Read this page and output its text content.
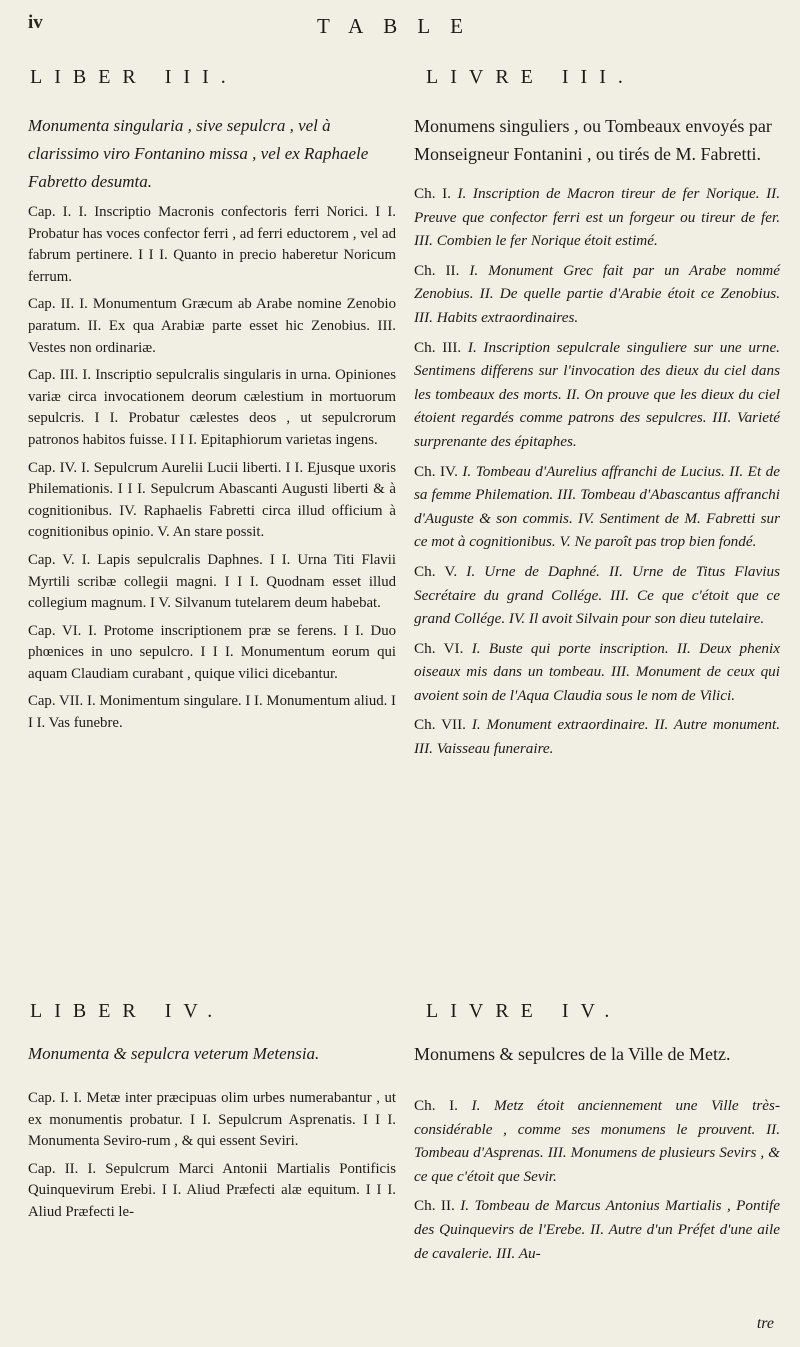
iv	TABLE
LIBER III.	LIVRE III.
Monumenta singularia , sive sepulcra , vel à clarissimo viro Fontanino missa , vel ex Raphaele Fabretto desumta.

Cap. I. I. Inscriptio Macronis confectoris ferri Norici. I I. Probatur has voces confector ferri , ad ferri eductorem , vel ad fabrum pertinere. I I I. Quanto in precio haberetur Noricum ferrum.

Cap. II. I. Monumentum Græcum ab Arabe nomine Zenobio paratum. II. Ex qua Arabiæ parte esset hic Zenobius. III. Vestes non ordinariæ.

Cap. III. I. Inscriptio sepulcralis singularis in urna. Opiniones variæ circa invocationem deorum cælestium in mortuorum sepulcris. I I. Probatur cælestes deos , ut sepulcrorum patronos habitos fuisse. I I I. Epitaphiorum varietas ingens.

Cap. IV. I. Sepulcrum Aurelii Lucii liberti. I I. Ejusque uxoris Philemationis. I I I. Sepulcrum Abascanti Augusti liberti & à cognitionibus. IV. Raphaelis Fabretti circa illud officium à cognitionibus opinio. V. An stare possit.

Cap. V. I. Lapis sepulcralis Daphnes. I I. Urna Titi Flavii Myrtili scribæ collegii magni. I I I. Quodnam esset illud collegium magnum. I V. Silvanum tutelarem deum habebat.

Cap. VI. I. Protome inscriptionem præ se ferens. I I. Duo phœnices in uno sepulcro. I I I. Monumentum eorum qui aquam Claudiam curabant , quique vilici dicebantur.

Cap. VII. I. Monimentum singulare. I I. Monumentum aliud. I I I. Vas funebre.

Monumens singuliers , ou Tombeaux envoyés par Monseigneur Fontanini , ou tirés de M. Fabretti.

Ch. I. I. Inscription de Macron tireur de fer Norique. II. Preuve que confector ferri est un forgeur ou tireur de fer. III. Combien le fer Norique étoit estimé.

Ch. II. I. Monument Grec fait par un Arabe nommé Zenobius. II. De quelle partie d'Arabie étoit ce Zenobius. III. Habits extraordinaires.

Ch. III. I. Inscription sepulcrale singuliere sur une urne. Sentimens differens sur l'invocation des dieux du ciel dans les tombeaux des morts. II. On prouve que les dieux du ciel étoient regardés comme patrons des sepulcres. III. Varieté surprenante des épitaphes.

Ch. IV. I. Tombeau d'Aurelius affranchi de Lucius. II. Et de sa femme Philemation. III. Tombeau d'Abascantus affranchi d'Auguste & son commis. IV. Sentiment de M. Fabretti sur ce mot à cognitionibus. V. Ne paroît pas trop bien fondé.

Ch. V. I. Urne de Daphné. II. Urne de Titus Flavius Secrétaire du grand Collége. III. Ce que c'étoit que ce grand Collége. IV. Il avoit Silvain pour son dieu tutelaire.

Ch. VI. I. Buste qui porte inscription. II. Deux phenix oiseaux mis dans un tombeau. III. Monument de ceux qui avoient soin de l'Aqua Claudia sous le nom de Vilici.

Ch. VII. I. Monument extraordinaire. II. Autre monument. III. Vaisseau funeraire.

LIBER IV.	LIVRE IV.
Monumenta & sepulcra veterum Metensia.

Cap. I. I. Metæ inter præcipuas olim urbes numerabantur , ut ex monumentis probatur. I I. Sepulcrum Asprenatis. I I I. Monumenta Seviro-rum , & qui essent Seviri.

Cap. II. I. Sepulcrum Marci Antonii Martialis Pontificis Quinquevirum Erebi. I I. Aliud Præfecti alæ equitum. I I I. Aliud Præfecti le-

Monumens & sepulcres de la Ville de Metz.

Ch. I. I. Metz étoit anciennement une Ville très-considérable , comme ses monumens le prouvent. II. Tombeau d'Asprenas. III. Monumens de plusieurs Sevirs , & ce que c'étoit que Sevir.

Ch. II. I. Tombeau de Marcus Antonius Martialis , Pontife des Quinquevirs de l'Erebe. II. Autre d'un Préfet d'une aile de cavalerie. III. Au-

tre
